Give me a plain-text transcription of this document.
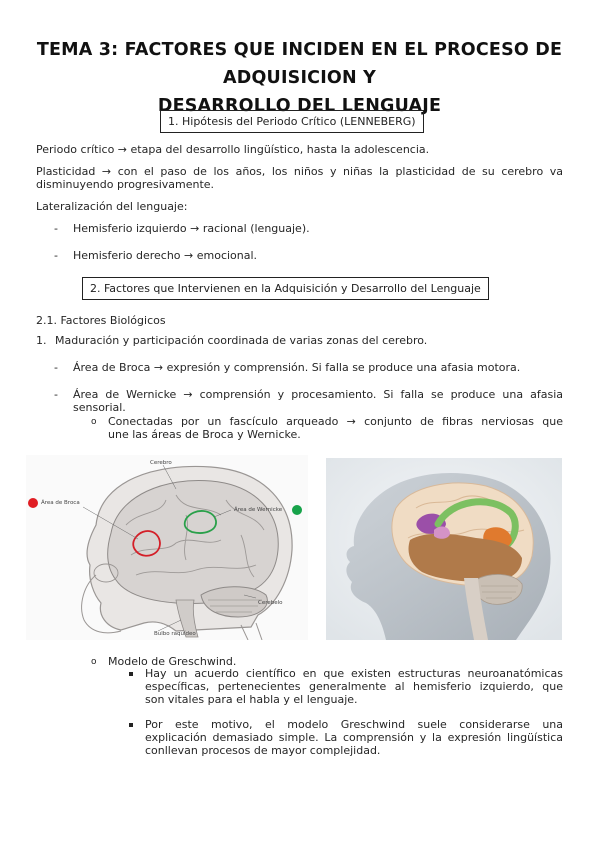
TEMA 3: FACTORES QUE INCIDEN EN EL PROCESO DE ADQUISICION Y
DESARROLLO DEL LENGUAJE
1. Hipótesis del Periodo Crítico (LENNEBERG)
Periodo crítico → etapa del desarrollo lingüístico, hasta la adolescencia.
Plasticidad → con el paso de los años, los niños y niñas la plasticidad de su cerebro va
disminuyendo progresivamente.
Lateralización del lenguaje:
- Hemisferio izquierdo → racional (lenguaje).
- Hemisferio derecho → emocional.
2. Factores que Intervienen en la Adquisición y Desarrollo del Lenguaje
2.1. Factores Biológicos
1. Maduración y participación coordinada de varias zonas del cerebro.
- Área de Broca → expresión y comprensión. Si falla se produce una afasia motora.
- Área de Wernicke → comprensión y procesamiento. Si falla se produce una afasia
sensorial.
o Conectadas por un fascículo arqueado → conjunto de fibras nerviosas que
une las áreas de Broca y Wernicke.
Cerebro
Área de Broca
Área de Wernicke
Cerebelo
Bulbo raquídeo
o Modelo de Greschwind.
Hay un acuerdo científico en que existen estructuras neuroanatómicas
específicas, pertenecientes generalmente al hemisferio izquierdo, que
son vitales para el habla y el lenguaje.
Por este motivo, el modelo Greschwind suele considerarse una
explicación demasiado simple. La comprensión y la expresión lingüística
conllevan procesos de mayor complejidad.
